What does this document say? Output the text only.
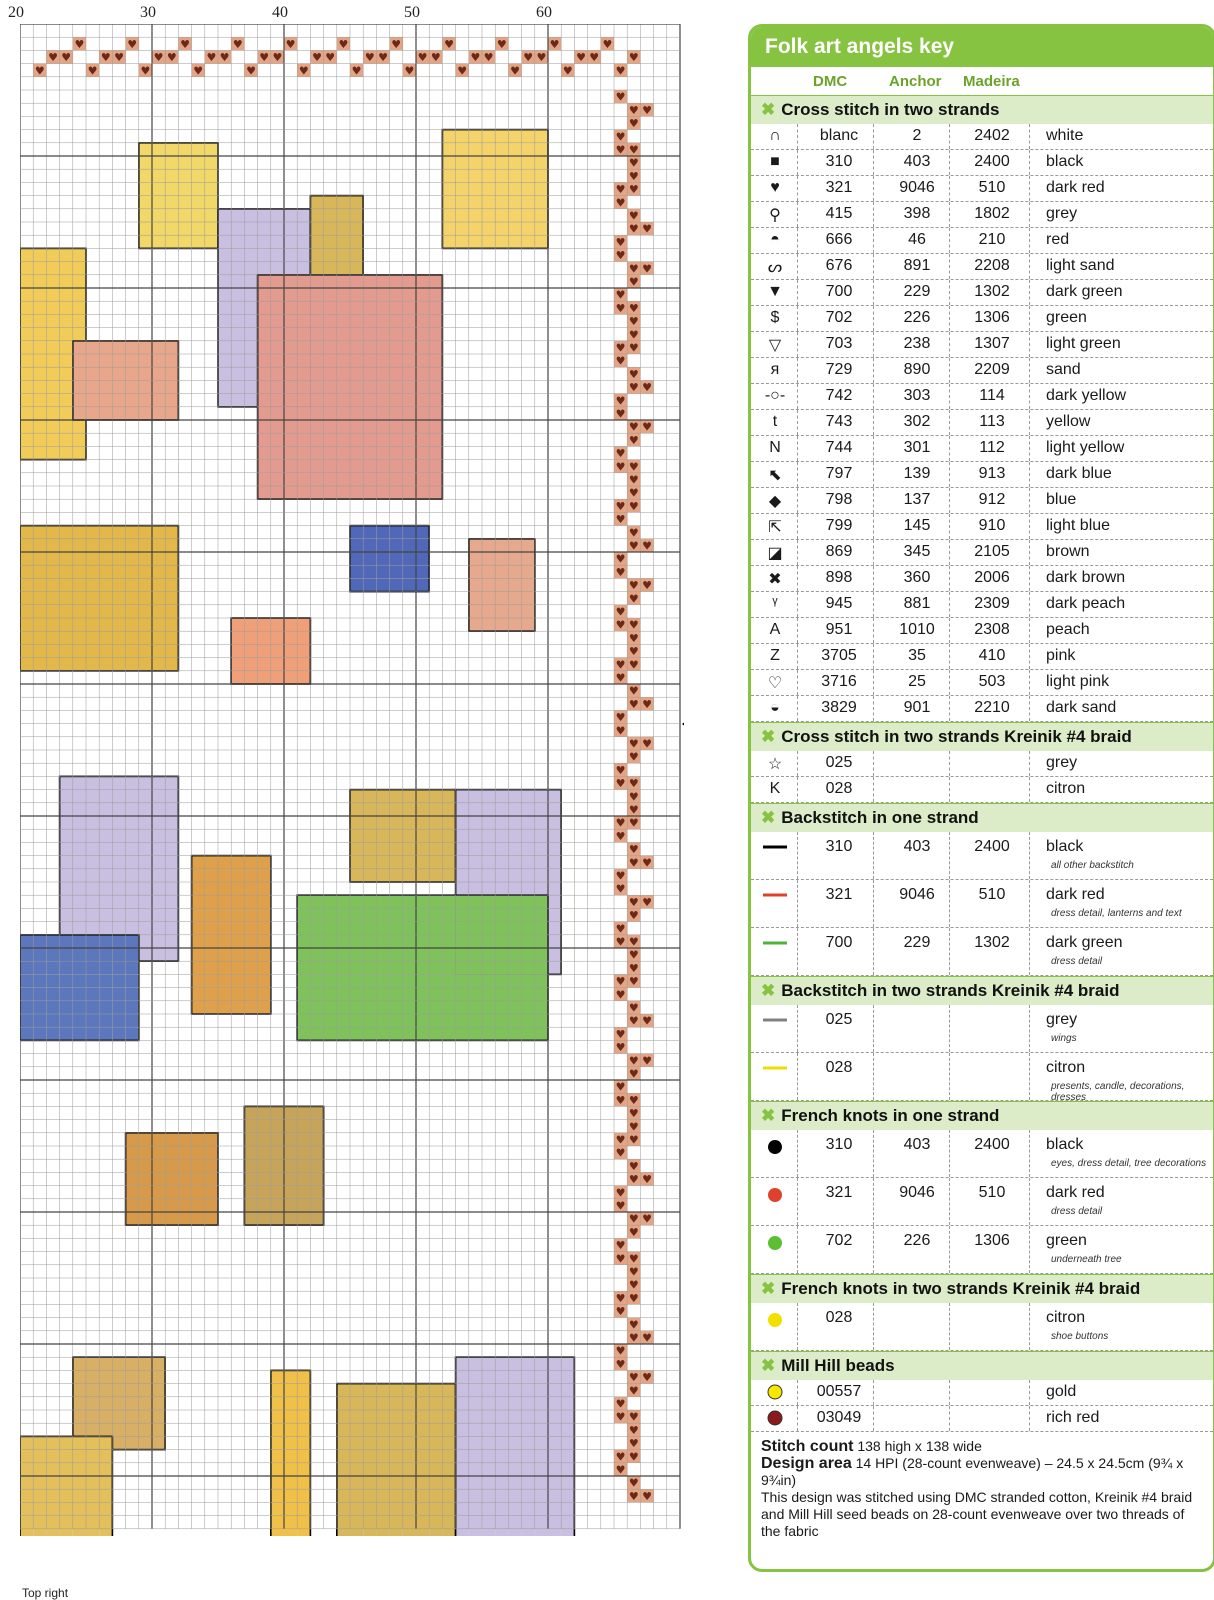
20	30	40	50	60
♥
♥ ♥
♥
♥
♥ ♥
♥
♥
♥ ♥
♥
♥
♥ ♥
♥
♥
♥ ♥
♥
♥
♥ ♥
♥
♥
♥ ♥
♥
♥
♥ ♥
♥
♥
♥ ♥
♥
♥
♥ ♥
♥
♥
♥ ♥
♥
♥
♥
♥
♥ ♥
♥
♥
♥ ♥
♥
♥
♥ ♥
♥
♥
♥ ♥
♥
♥
♥ ♥
♥
♥
♥ ♥
♥
♥
♥ ♥
♥
♥
♥ ♥
♥
♥
♥ ♥
♥
♥
♥ ♥
♥
♥
♥ ♥
♥
♥
♥ ♥
♥
♥
♥ ♥
♥
♥
♥ ♥
♥
♥
♥ ♥
♥
♥
♥ ♥
♥
♥
♥ ♥
♥
♥
♥ ♥
♥
♥
♥ ♥
♥
♥
♥ ♥
♥
♥
♥ ♥
♥
♥
♥ ♥
♥
♥
♥ ♥
♥
♥
♥ ♥
♥
♥
♥ ♥
♥
♥
♥ ♥
♥
♥
♥ ♥
♥
♥
♥ ♥
♥
♥
♥ ♥
♥
♥
♥ ♥
♥
♥
♥ ♥
♥
♥
♥ ♥
♥
♥
♥ ♥
♥
♥
♥ ♥
♥
♥
♥ ♥
♥
♥
♥ ♥
Top right
Folk art angels key
DMC	Anchor Madeira
✖ Cross stitch in two strands
∩	blanc	2	2402	white
■	310	403	2400	black
♥	321	9046	510	dark red
⚲	415	398	1802	grey
◓	666	46	210	red
ᔕ	676	891	2208	light sand
▼	700	229	1302	dark green
$	702	226	1306	green
▽	703	238	1307	light green
ᴙ	729	890	2209	sand
-○-	742	303	114	dark yellow
t	743	302	113	yellow
N	744	301	112	light yellow
⬉	797	139	913	dark blue
◆	798	137	912	blue
⇱	799	145	910	light blue
◪	869	345	2105	brown
✖	898	360	2006	dark brown
ᵞ	945	881	2309	dark peach
A	951	1010	2308	peach
Z	3705	35	410	pink
♡	3716	25	503	light pink
◒	3829	901	2210	dark sand
✖ Cross stitch in two strands Kreinik #4 braid
☆	025	grey
K	028	citron
✖ Backstitch in one strand
310	403	2400	black
all other backstitch
321	9046	510	dark red
dress detail, lanterns and text
700	229	1302	dark green
dress detail
✖ Backstitch in two strands Kreinik #4 braid
025	grey
wings
028	citron
presents, candle, decorations, dresses
✖ French knots in one strand
310	403	2400	black
eyes, dress detail, tree decorations
321	9046	510	dark red
dress detail
702	226	1306	green
underneath tree
✖ French knots in two strands Kreinik #4 braid
028	citron
shoe buttons
✖ Mill Hill beads
00557	gold
03049	rich red
Stitch count 138 high x 138 wide
Design area 14 HPI (28-count evenweave) – 24.5 x 24.5cm (9¾ x 9¾in)
This design was stitched using DMC stranded cotton, Kreinik #4 braid and Mill Hill seed beads on 28-count evenweave over two threads of the fabric
